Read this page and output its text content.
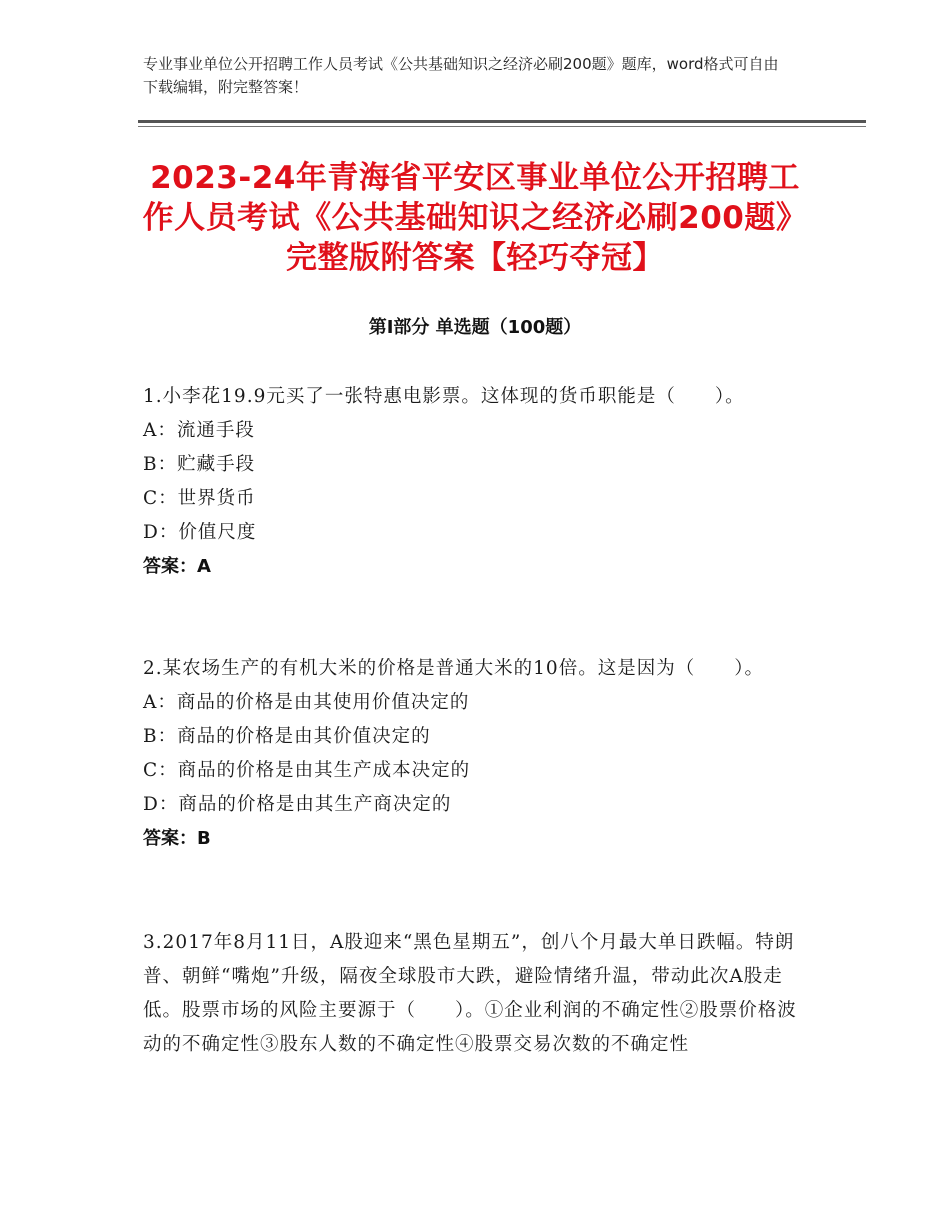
专业事业单位公开招聘工作人员考试《公共基础知识之经济必刷200题》题库，word格式可自由下载编辑，附完整答案！
2023-24年青海省平安区事业单位公开招聘工作人员考试《公共基础知识之经济必刷200题》完整版附答案【轻巧夺冠】
第Ⅰ部分 单选题（100题）
1.小李花19.9元买了一张特惠电影票。这体现的货币职能是（　　）。
A：流通手段
B：贮藏手段
C：世界货币
D：价值尺度
答案：A
2.某农场生产的有机大米的价格是普通大米的10倍。这是因为（　　）。
A：商品的价格是由其使用价值决定的
B：商品的价格是由其价值决定的
C：商品的价格是由其生产成本决定的
D：商品的价格是由其生产商决定的
答案：B
3.2017年8月11日，A股迎来“黑色星期五”，创八个月最大单日跌幅。特朗普、朝鲜“嘴炮”升级，隔夜全球股市大跌，避险情绪升温，带动此次A股走低。股票市场的风险主要源于（　　）。①企业利润的不确定性②股票价格波动的不确定性③股东人数的不确定性④股票交易次数的不确定性
